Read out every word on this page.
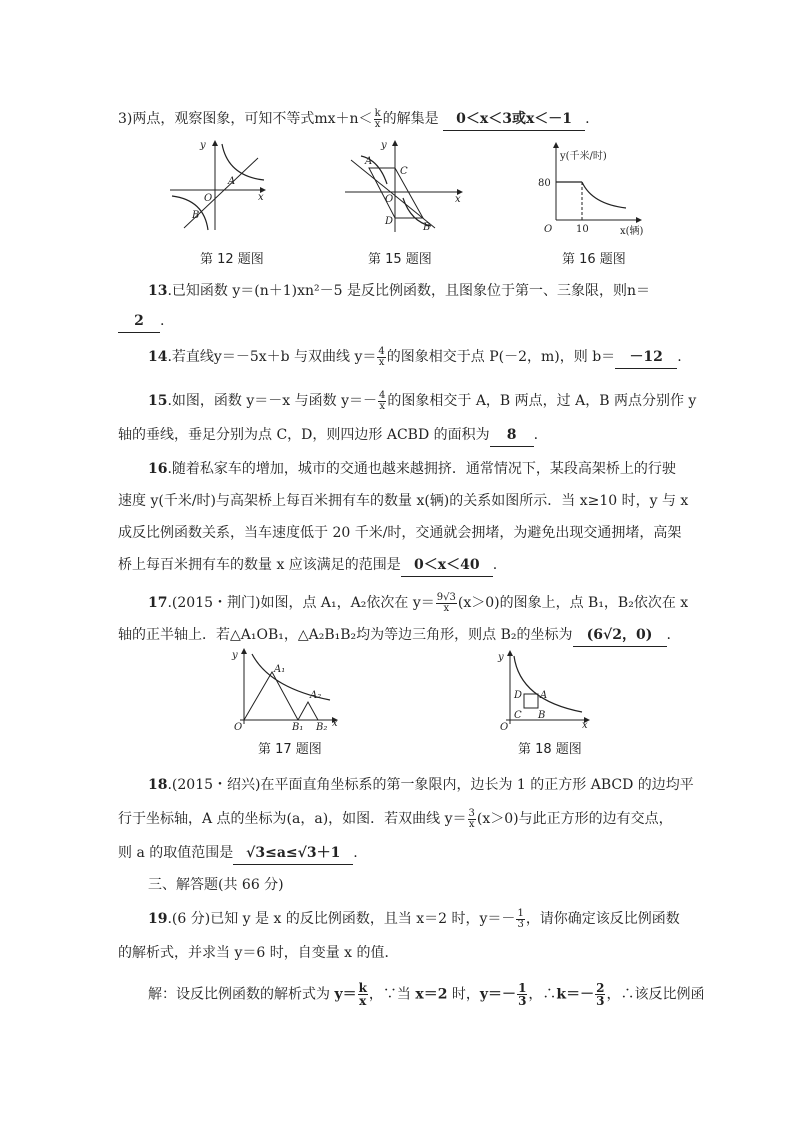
3)两点，观察图象，可知不等式$mx+n< \frac{k}{x}$ 的解集是 0＜x＜3或x＜－1 .
y
x
O
A
B
y
x
O
A
C
D
B
y(千米/时)
80
10
O	x(辆)
第 12 题图	第 15 题图	第 16 题图
13.已知函数 y＝(n＋1)xn²－5 是反比例函数，且图象位于第一、三象限，则n＝
2 .
14.若直线y＝－5x＋b 与双曲线 $y= \frac{4}{x}$ 的图象相交于点 P(－2，m)，则 b＝ －12 .
15.如图，函数 y＝－x 与函数 $y=- \frac{4}{x}$ 的图象相交于 A，B 两点，过 A，B 两点分别作 y
轴的垂线，垂足分别为点 C，D，则四边形 ACBD 的面积为 8 .
16.随着私家车的增加，城市的交通也越来越拥挤．通常情况下，某段高架桥上的行驶
速度 y(千米/时)与高架桥上每百米拥有车的数量 x(辆)的关系如图所示．当 x≥10 时，y 与 x
成反比例函数关系，当车速度低于 20 千米/时，交通就会拥堵，为避免出现交通拥堵，高架
桥上每百米拥有车的数量 x 应该满足的范围是 0＜x＜40 .
17.(2015・荆门)如图，点 A₁，A₂依次在 $y= \frac{9√3}{x} (x>0)$的图象上，点 B₁，B₂依次在 x
轴的正半轴上．若△A₁OB₁，△A₂B₁B₂均为等边三角形，则点 B₂的坐标为 (6√2，0) .
y
x
O
A₁
A₂
B₁ B₂
y
x
O
D A
C B
第 17 题图	第 18 题图
18.(2015・绍兴)在平面直角坐标系的第一象限内，边长为 1 的正方形 ABCD 的边均平
行于坐标轴，A 点的坐标为(a，a)，如图．若双曲线 $y= \frac{3}{x} (x>0)$与此正方形的边有交点，
则 a 的取值范围是 √3≤a≤√3＋1 .
三、解答题(共 66 分)
19.(6 分)已知 y 是 x 的反比例函数，且当 x＝2 时，$y=- \frac{1}{3}$ ，请你确定该反比例函数
的解析式，并求当 y＝6 时，自变量 x 的值．
解：设反比例函数的解析式为 $y= \frac{k}{x}$ ，∵当 x＝2 时，$y=- \frac{1}{3}$ ，∴k＝－ $\frac{2}{3}$ ，∴该反比例函
